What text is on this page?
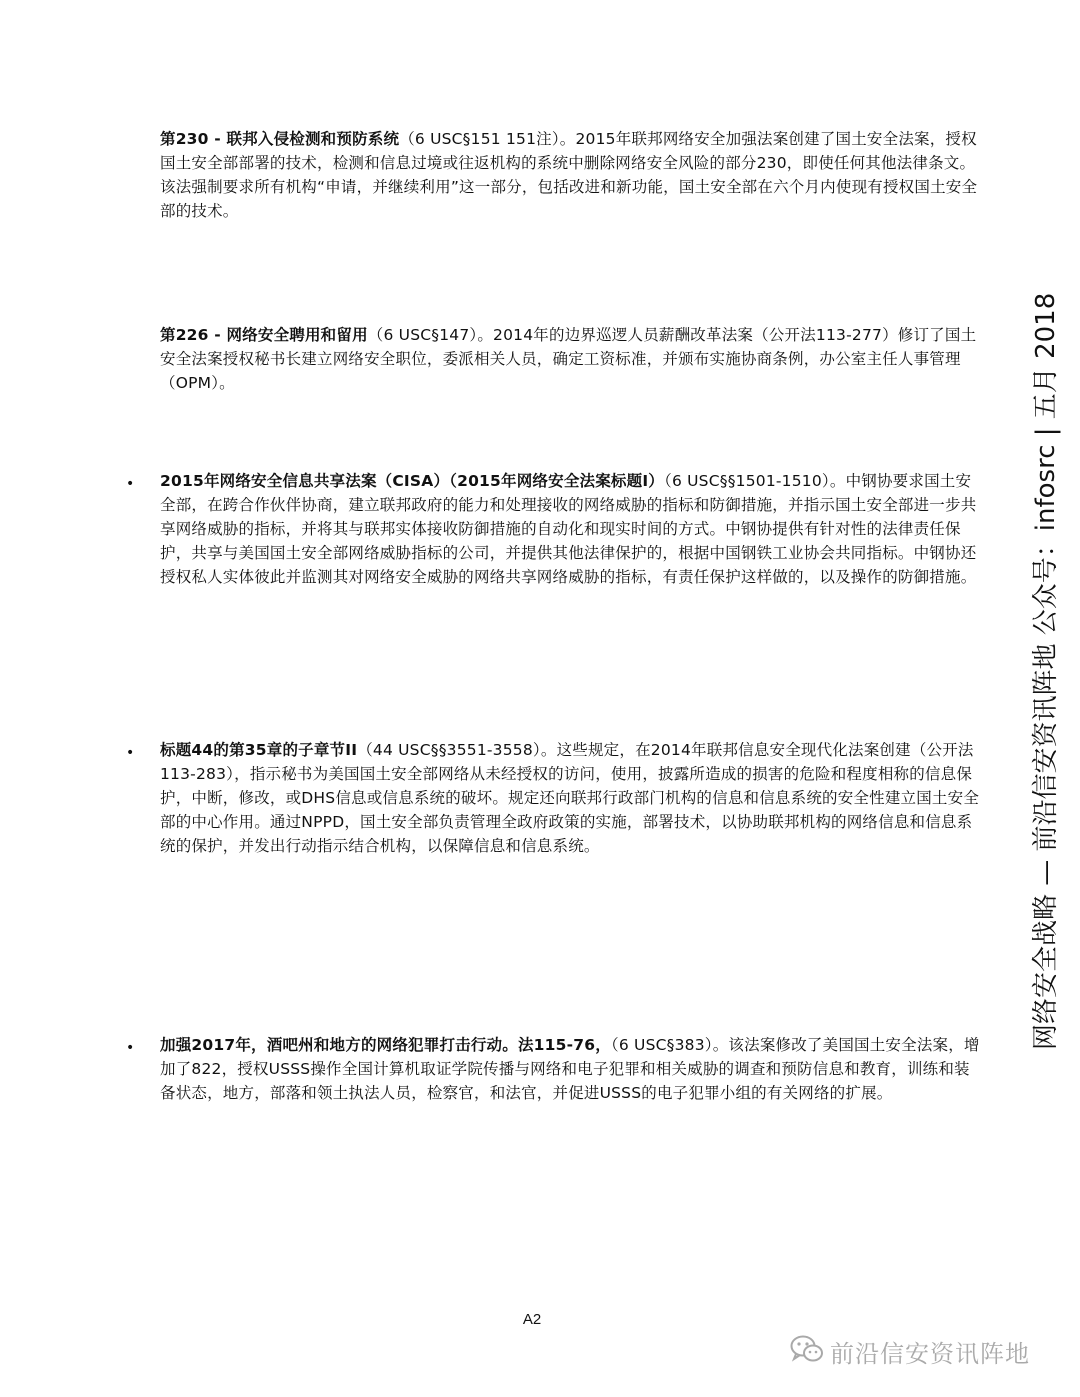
第230 - 联邦入侵检测和预防系统（6 USC§151 151注）。2015年联邦网络安全加强法案创建了国土安全法案，授权国土安全部部署的技术，检测和信息过境或往返机构的系统中删除网络安全风险的部分230，即使任何其他法律条文。该法强制要求所有机构“申请，并继续利用”这一部分，包括改进和新功能，国土安全部在六个月内使现有授权国土安全部的技术。
第226 - 网络安全聘用和留用（6 USC§147）。2014年的边界巡逻人员薪酬改革法案（公开法113-277）修订了国土安全法案授权秘书长建立网络安全职位，委派相关人员，确定工资标准，并颁布实施协商条例，办公室主任人事管理（OPM）。
• 2015年网络安全信息共享法案（CISA）（2015年网络安全法案标题I）（6 USC§§1501-1510）。中钢协要求国土安全部，在跨合作伙伴协商，建立联邦政府的能力和处理接收的网络威胁的指标和防御措施，并指示国土安全部进一步共享网络威胁的指标，并将其与联邦实体接收防御措施的自动化和现实时间的方式。中钢协提供有针对性的法律责任保护，共享与美国国土安全部网络威胁指标的公司，并提供其他法律保护的，根据中国钢铁工业协会共同指标。中钢协还授权私人实体彼此并监测其对网络安全威胁的网络共享网络威胁的指标，有责任保护这样做的，以及操作的防御措施。
• 标题44的第35章的子章节II（44 USC§§3551-3558）。这些规定，在2014年联邦信息安全现代化法案创建（公开法113-283），指示秘书为美国国土安全部网络从未经授权的访问，使用，披露所造成的损害的危险和程度相称的信息保护，中断，修改，或DHS信息或信息系统的破坏。规定还向联邦行政部门机构的信息和信息系统的安全性建立国土安全部的中心作用。通过NPPD，国土安全部负责管理全政府政策的实施，部署技术，以协助联邦机构的网络信息和信息系统的保护，并发出行动指示结合机构，以保障信息和信息系统。
• 加强2017年，酒吧州和地方的网络犯罪打击行动。法115-76，（6 USC§383）。该法案修改了美国国土安全法案，增加了822，授权USSS操作全国计算机取证学院传播与网络和电子犯罪和相关威胁的调查和预防信息和教育，训练和装备状态，地方，部落和领土执法人员，检察官，和法官，并促进USSS的电子犯罪小组的有关网络的扩展。
A2
网络安全战略 — 前沿信安资讯阵地 公众号：infosrc | 五月 2018
前沿信安资讯阵地
